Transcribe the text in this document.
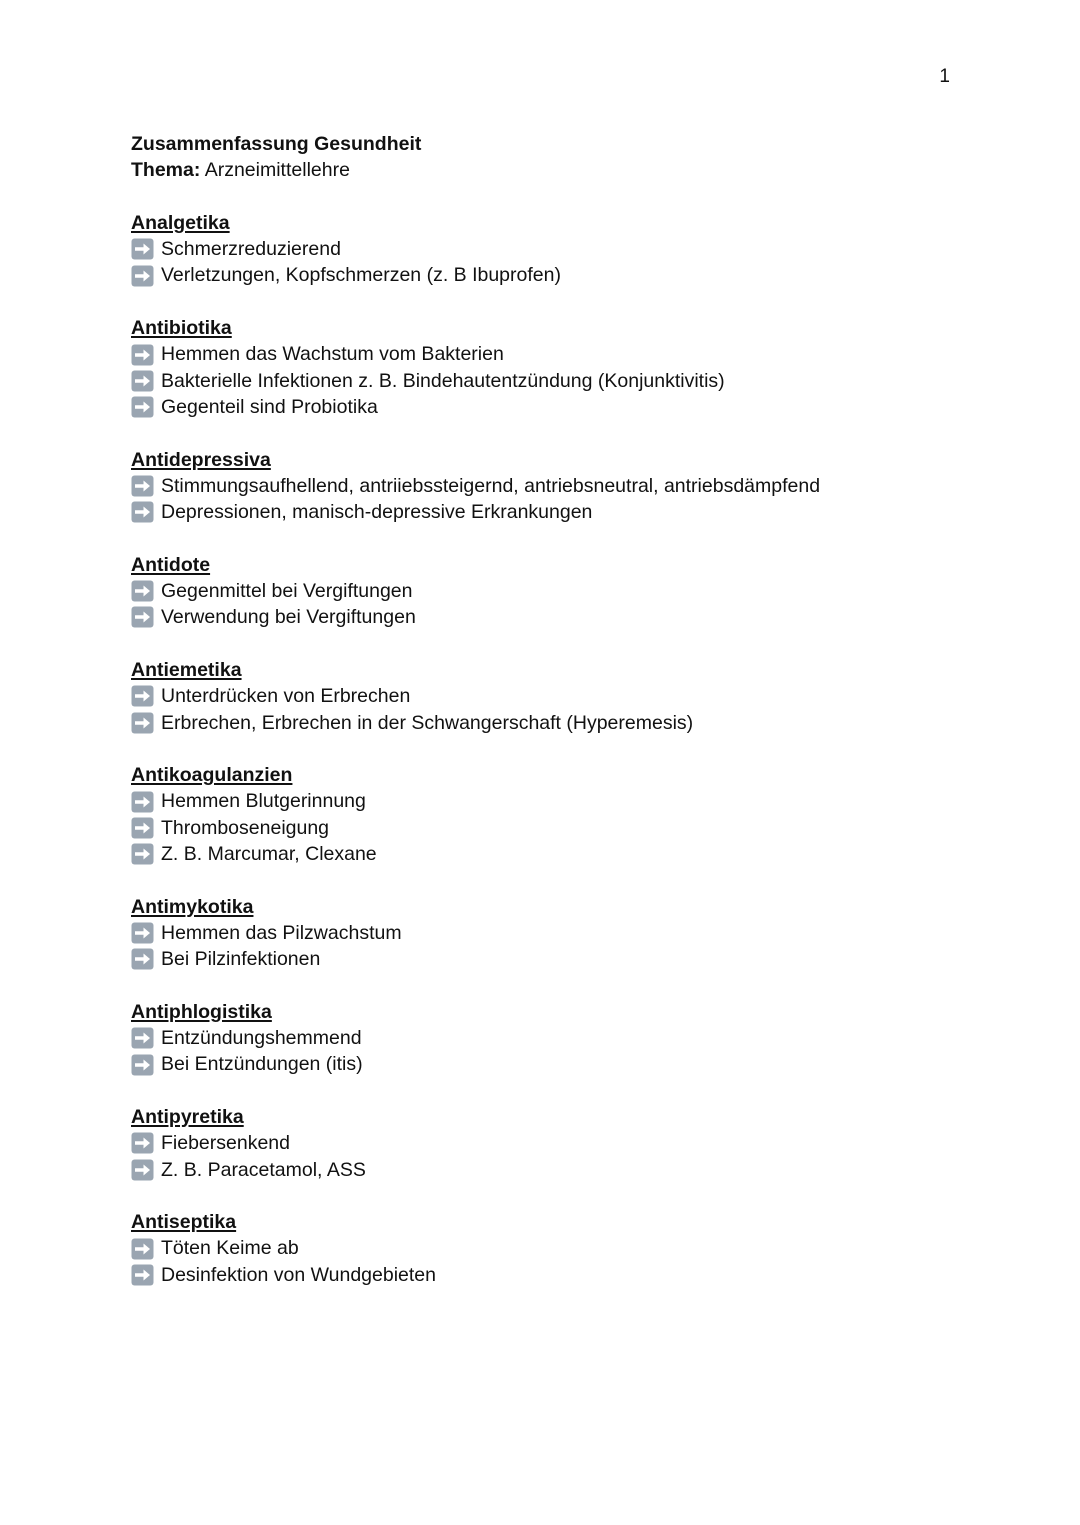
1

Zusammenfassung Gesundheit

Thema: Arzneimittellehre

Analgetika
Schmerzreduzierend
Verletzungen, Kopfschmerzen (z. B Ibuprofen)
Antibiotika
Hemmen das Wachstum vom Bakterien
Bakterielle Infektionen z. B. Bindehautentzündung (Konjunktivitis)
Gegenteil sind Probiotika
Antidepressiva
Stimmungsaufhellend, antriiebssteigernd, antriebsneutral, antriebsdämpfend
Depressionen, manisch-depressive Erkrankungen
Antidote
Gegenmittel bei Vergiftungen
Verwendung bei Vergiftungen
Antiemetika
Unterdrücken von Erbrechen
Erbrechen, Erbrechen in der Schwangerschaft (Hyperemesis)
Antikoagulanzien
Hemmen Blutgerinnung
Thromboseneigung
Z. B. Marcumar, Clexane
Antimykotika
Hemmen das Pilzwachstum
Bei Pilzinfektionen
Antiphlogistika
Entzündungshemmend
Bei Entzündungen (itis)
Antipyretika
Fiebersenkend
Z. B. Paracetamol, ASS
Antiseptika
Töten Keime ab
Desinfektion von Wundgebieten
